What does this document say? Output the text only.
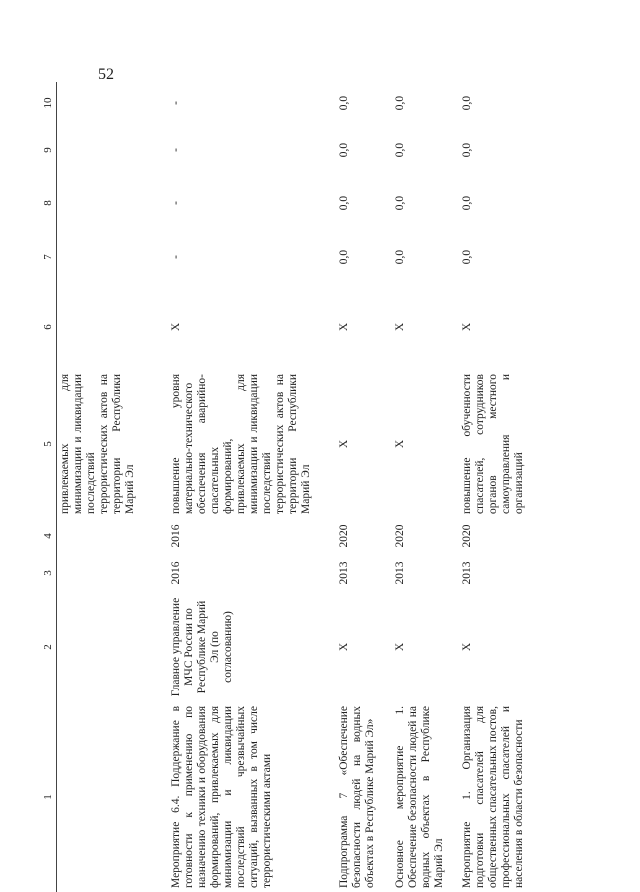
52
1	2	3	4	5	6	7	8	9	10
				привлекаемых для минимизации и ликвидации последствий террористических актов на территории Республики Марий Эл					
Мероприятие 6.4. Поддержание в готовности к применению по назначению техники и оборудования формирований, привлекаемых для минимизации и ликвидации последствий чрезвычайных ситуаций, вызванных в том числе террористическими актами	Главное управление МЧС России по Республике Марий Эл (по согласованию)	2016	2016	повышение уровня материально-технического обеспечения аварийно-спасательных формирований, привлекаемых для минимизации и ликвидации последствий террористических актов на территории Республики Марий Эл	Х	-	-	-	-
Подпрограмма 7 «Обеспечение безопасности людей на водных объектах в Республике Марий Эл»	Х	2013	2020	Х	Х	0,0	0,0	0,0	0,0
Основное мероприятие 1. Обеспечение безопасности людей на водных объектах в Республике Марий Эл	Х	2013	2020	Х	Х	0,0	0,0	0,0	0,0
Мероприятие 1. Организация подготовки спасателей для общественных спасательных постов, профессиональных спасателей и населения в области безопасности	Х	2013	2020	повышение обученности спасателей, сотрудников органов местного самоуправления и организаций	Х	0,0	0,0	0,0	0,0
